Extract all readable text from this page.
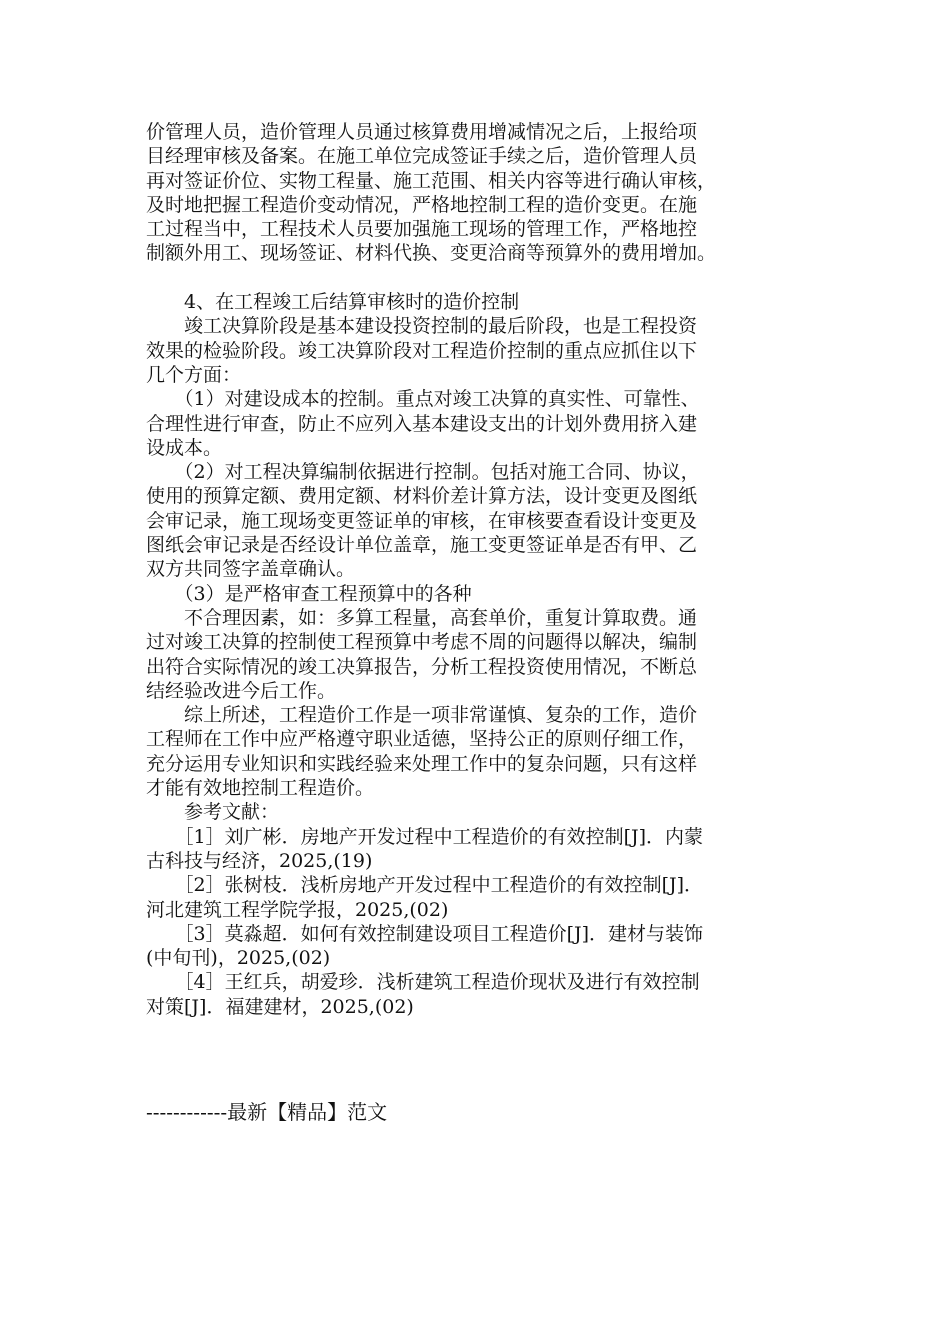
价管理人员，造价管理人员通过核算费用增减情况之后，上报给项
目经理审核及备案。在施工单位完成签证手续之后，造价管理人员
再对签证价位、实物工程量、施工范围、相关内容等进行确认审核，
及时地把握工程造价变动情况，严格地控制工程的造价变更。在施
工过程当中，工程技术人员要加强施工现场的管理工作，严格地控
制额外用工、现场签证、材料代换、变更洽商等预算外的费用增加。
　　4、在工程竣工后结算审核时的造价控制
　　竣工决算阶段是基本建设投资控制的最后阶段，也是工程投资
效果的检验阶段。竣工决算阶段对工程造价控制的重点应抓住以下
几个方面：
　　（1）对建设成本的控制。重点对竣工决算的真实性、可靠性、
合理性进行审查，防止不应列入基本建设支出的计划外费用挤入建
设成本。
　　（2）对工程决算编制依据进行控制。包括对施工合同、协议，
使用的预算定额、费用定额、材料价差计算方法，设计变更及图纸
会审记录，施工现场变更签证单的审核，在审核要查看设计变更及
图纸会审记录是否经设计单位盖章，施工变更签证单是否有甲、乙
双方共同签字盖章确认。
　　（3）是严格审查工程预算中的各种
　　不合理因素，如：多算工程量，高套单价，重复计算取费。通
过对竣工决算的控制使工程预算中考虑不周的问题得以解决，编制
出符合实际情况的竣工决算报告，分析工程投资使用情况，不断总
结经验改进今后工作。
　　综上所述，工程造价工作是一项非常谨慎、复杂的工作，造价
工程师在工作中应严格遵守职业适德，坚持公正的原则仔细工作，
充分运用专业知识和实践经验来处理工作中的复杂问题，只有这样
才能有效地控制工程造价。
　　参考文献：
　　［1］刘广彬．房地产开发过程中工程造价的有效控制[J]．内蒙
古科技与经济，2025,(19)
　　［2］张树枝．浅析房地产开发过程中工程造价的有效控制[J]．
河北建筑工程学院学报，2025,(02)
　　［3］莫淼超．如何有效控制建设项目工程造价[J]．建材与装饰
(中旬刊)，2025,(02)
　　［4］王红兵，胡爱珍．浅析建筑工程造价现状及进行有效控制
对策[J]．福建建材，2025,(02)
------------最新【精品】范文
